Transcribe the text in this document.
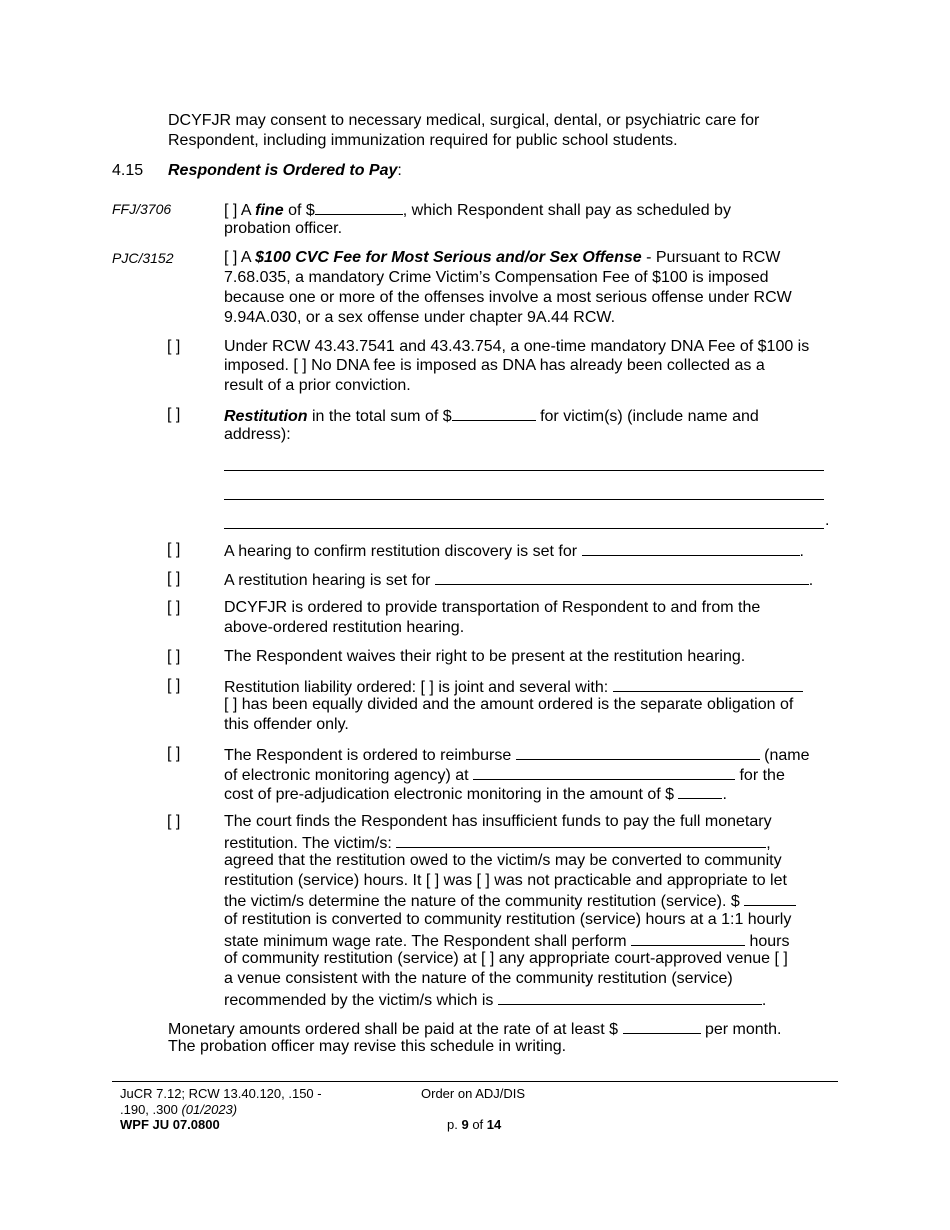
DCYFJR may consent to necessary medical, surgical, dental, or psychiatric care for
Respondent, including immunization required for public school students.
4.15 Respondent is Ordered to Pay:
FFJ/3706	[ ] A fine of $	, which Respondent shall pay as scheduled by
probation officer.
PJC/3152	[ ] A $100 CVC Fee for Most Serious and/or Sex Offense - Pursuant to RCW
7.68.035, a mandatory Crime Victim’s Compensation Fee of $100 is imposed
because one or more of the offenses involve a most serious offense under RCW
9.94A.030, or a sex offense under chapter 9A.44 RCW.
[ ]	Under RCW 43.43.7541 and 43.43.754, a one-time mandatory DNA Fee of $100 is
imposed. [ ] No DNA fee is imposed as DNA has already been collected as a
result of a prior conviction.
[ ]	Restitution in the total sum of $	for victim(s) (include name and
address):
.
[ ]	A hearing to confirm restitution discovery is set for	.
[ ]	A restitution hearing is set for	.
[ ]	DCYFJR is ordered to provide transportation of Respondent to and from the
above-ordered restitution hearing.
[ ]	The Respondent waives their right to be present at the restitution hearing.
[ ]	Restitution liability ordered: [ ] is joint and several with:
[ ] has been equally divided and the amount ordered is the separate obligation of
this offender only.
[ ]	The Respondent is ordered to reimburse	(name
of electronic monitoring agency) at	for the
cost of pre-adjudication electronic monitoring in the amount of $	.
[ ]	The court finds the Respondent has insufficient funds to pay the full monetary
restitution. The victim/s:	,
agreed that the restitution owed to the victim/s may be converted to community
restitution (service) hours. It [ ] was [ ] was not practicable and appropriate to let
the victim/s determine the nature of the community restitution (service). $
of restitution is converted to community restitution (service) hours at a 1:1 hourly
state minimum wage rate. The Respondent shall perform	hours
of community restitution (service) at [ ] any appropriate court-approved venue [ ]
a venue consistent with the nature of the community restitution (service)
recommended by the victim/s which is	.
Monetary amounts ordered shall be paid at the rate of at least $	per month.
The probation officer may revise this schedule in writing.
JuCR 7.12; RCW 13.40.120, .150 -
.190, .300 (01/2023)
WPF JU 07.0800
Order on ADJ/DIS
p. 9 of 14
